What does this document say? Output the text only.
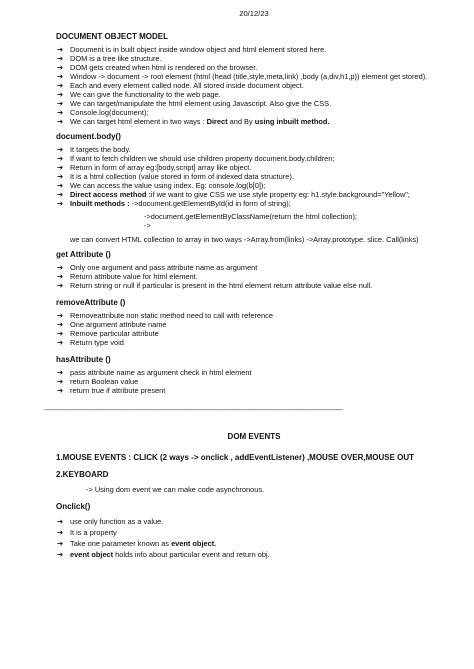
20/12/23
DOCUMENT OBJECT MODEL
➔ Document is in built object inside window object and html element stored here.
➔ DOM is a tree like structure.
➔ DOM gets created when html is rendered on the browser.
➔ Window -> document -> root element (html (head (title,style,meta,link) ,body (a,div,h1,p)) element get stored).
➔ Each and every element called node. All stored inside document object.
➔ We can give the functionality to the web page.
➔ We can target/manipulate the html element using Javascript. Also give the CSS.
➔ Console.log(document);
➔ We can target html element in two ways : Direct and By using inbuilt method.
document.body()
➔ It targets the body.
➔ If want to fetch children we should use children property document.body.children;
➔ Return in form of array eg:[body,script] array like object.
➔ It is a html collection (value stored in form of indexed data structure).
➔ We can access the value using index. Eg: console.log(b[0]);
➔ Direct access method :if we want to give CSS we use style property eg: h1.style.background="Yellow";
➔ Inbuilt methods : ->document.getElementById(id in form of string);
->document.getElementByClassName(return the html collection);
->
we can convert HTML collection to array in two ways ->Array.from(links) ->Array.prototype. slice. Call(links)
get Attribute ()
➔ Only one argument and pass attribute name as argument
➔ Return attribute value for html element.
➔ Return string or null if particular is present in the html element return attribute value else null.
removeAttribute ()
➔ Removeattribute non static method need to call with reference
➔ One argument attribute name
➔ Remove particular attribute
➔ Return type void
hasAttribute ()
➔ pass attribute name as argument check in html element
➔ return Boolean value
➔ return true if attribute present
-------------------------------------------------------------------------------------------------------------------------------------------------------------------
DOM EVENTS
1.MOUSE EVENTS : CLICK (2 ways -> onclick , addEventListener) ,MOUSE OVER,MOUSE OUT
2.KEYBOARD
-> Using dom event we can make code asynchronous.
Onclick()
➔ use only function as a value.
➔ It is a property
➔ Take one parameter known as event object.
➔ event object holds info about particular event and return obj.
